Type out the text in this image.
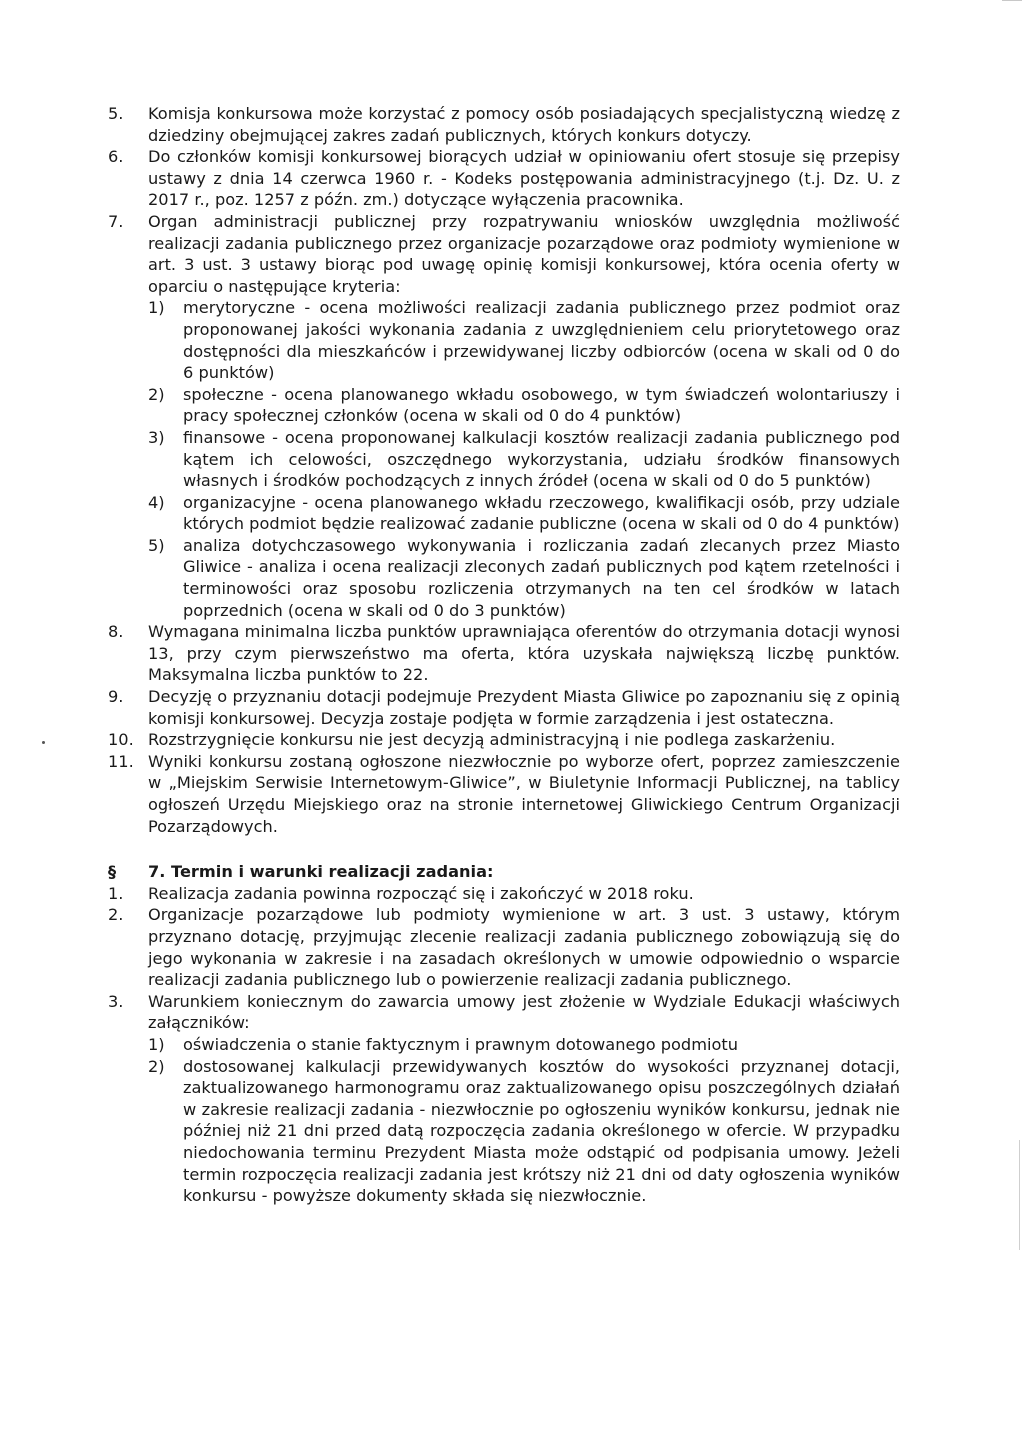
5.	Komisja konkursowa może korzystać z pomocy osób posiadających specjalistyczną wiedzę z dziedziny obejmującej zakres zadań publicznych, których konkurs dotyczy.
6.	Do członków komisji konkursowej biorących udział w opiniowaniu ofert stosuje się przepisy ustawy z dnia 14 czerwca 1960 r. - Kodeks postępowania administracyjnego (t.j. Dz. U. z 2017 r., poz. 1257 z późn. zm.) dotyczące wyłączenia pracownika.
7.	Organ administracji publicznej przy rozpatrywaniu wniosków uwzględnia możliwość realizacji zadania publicznego przez organizacje pozarządowe oraz podmioty wymienione w art. 3 ust. 3 ustawy biorąc pod uwagę opinię komisji konkursowej, która ocenia oferty w oparciu o następujące kryteria:
1)	merytoryczne - ocena możliwości realizacji zadania publicznego przez podmiot oraz proponowanej jakości wykonania zadania z uwzględnieniem celu priorytetowego oraz dostępności dla mieszkańców i przewidywanej liczby odbiorców (ocena w skali od 0 do 6 punktów)
2)	społeczne - ocena planowanego wkładu osobowego, w tym świadczeń wolontariuszy i pracy społecznej członków (ocena w skali od 0 do 4 punktów)
3)	finansowe - ocena proponowanej kalkulacji kosztów realizacji zadania publicznego pod kątem ich celowości, oszczędnego wykorzystania, udziału środków finansowych własnych i środków pochodzących z innych źródeł (ocena w skali od 0 do 5 punktów)
4)	organizacyjne - ocena planowanego wkładu rzeczowego, kwalifikacji osób, przy udziale których podmiot będzie realizować zadanie publiczne (ocena w skali od 0 do 4 punktów)
5)	analiza dotychczasowego wykonywania i rozliczania zadań zlecanych przez Miasto Gliwice - analiza i ocena realizacji zleconych zadań publicznych pod kątem rzetelności i terminowości oraz sposobu rozliczenia otrzymanych na ten cel środków w latach poprzednich (ocena w skali od 0 do 3 punktów)
8.	Wymagana minimalna liczba punktów uprawniająca oferentów do otrzymania dotacji wynosi 13, przy czym pierwszeństwo ma oferta, która uzyskała największą liczbę punktów. Maksymalna liczba punktów to 22.
9.	Decyzję o przyznaniu dotacji podejmuje Prezydent Miasta Gliwice po zapoznaniu się z opinią komisji konkursowej. Decyzja zostaje podjęta w formie zarządzenia i jest ostateczna.
10. Rozstrzygnięcie konkursu nie jest decyzją administracyjną i nie podlega zaskarżeniu.
11. Wyniki konkursu zostaną ogłoszone niezwłocznie po wyborze ofert, poprzez zamieszczenie w „Miejskim Serwisie Internetowym-Gliwice”, w Biuletynie Informacji Publicznej, na tablicy ogłoszeń Urzędu Miejskiego oraz na stronie internetowej Gliwickiego Centrum Organizacji Pozarządowych.
§	7. Termin i warunki realizacji zadania:
1.	Realizacja zadania powinna rozpocząć się i zakończyć w 2018 roku.
2.	Organizacje pozarządowe lub podmioty wymienione w art. 3 ust. 3 ustawy, którym przyznano dotację, przyjmując zlecenie realizacji zadania publicznego zobowiązują się do jego wykonania w zakresie i na zasadach określonych w umowie odpowiednio o wsparcie realizacji zadania publicznego lub o powierzenie realizacji zadania publicznego.
3.	Warunkiem koniecznym do zawarcia umowy jest złożenie w Wydziale Edukacji właściwych załączników:
1)	oświadczenia o stanie faktycznym i prawnym dotowanego podmiotu
2)	dostosowanej kalkulacji przewidywanych kosztów do wysokości przyznanej dotacji, zaktualizowanego harmonogramu oraz zaktualizowanego opisu poszczególnych działań w zakresie realizacji zadania - niezwłocznie po ogłoszeniu wyników konkursu, jednak nie później niż 21 dni przed datą rozpoczęcia zadania określonego w ofercie. W przypadku niedochowania terminu Prezydent Miasta może odstąpić od podpisania umowy. Jeżeli termin rozpoczęcia realizacji zadania jest krótszy niż 21 dni od daty ogłoszenia wyników konkursu - powyższe dokumenty składa się niezwłocznie.
